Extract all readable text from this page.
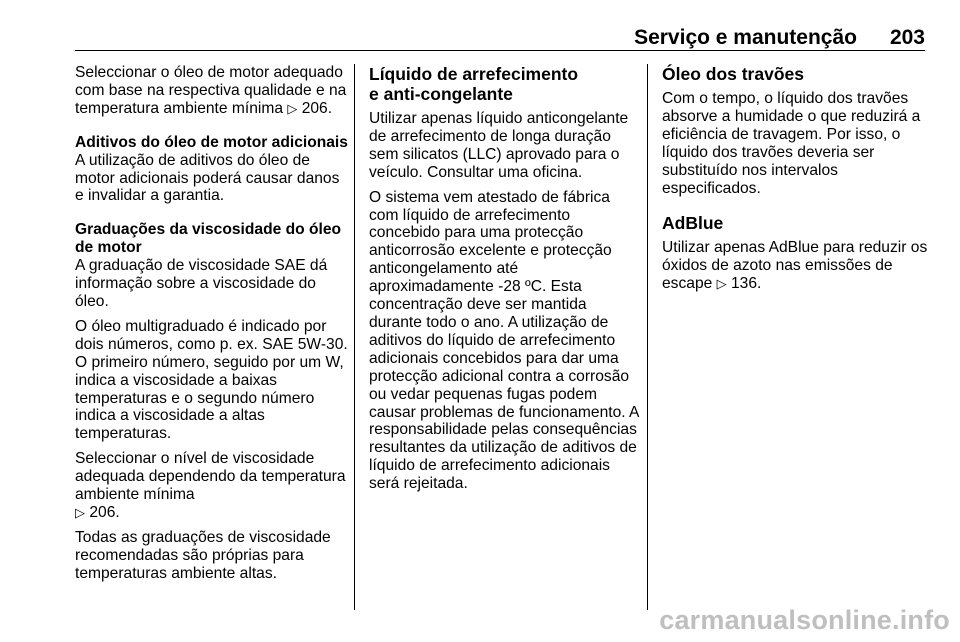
Serviço e manutenção 203

Seleccionar o óleo de motor adequado com base na respectiva qualidade e na temperatura ambiente mínima ▷ 206.

Aditivos do óleo de motor adicionais

A utilização de aditivos do óleo de motor adicionais poderá causar danos e invalidar a garantia.

Graduações da viscosidade do óleo de motor

A graduação de viscosidade SAE dá informação sobre a viscosidade do óleo.

O óleo multigraduado é indicado por dois números, como p. ex. SAE 5W-30. O primeiro número, seguido por um W, indica a viscosidade a baixas temperaturas e o segundo número indica a viscosidade a altas temperaturas.

Seleccionar o nível de viscosidade adequada dependendo da temperatura ambiente mínima
▷ 206.

Todas as graduações de viscosidade recomendadas são próprias para temperaturas ambiente altas.

Líquido de arrefecimento
e anti-congelante

Utilizar apenas líquido anticongelante de arrefecimento de longa duração sem silicatos (LLC) aprovado para o veículo. Consultar uma oficina.

O sistema vem atestado de fábrica com líquido de arrefecimento concebido para uma protecção anticorrosão excelente e protecção anticongelamento até aproximadamente -28 ºC. Esta concentração deve ser mantida durante todo o ano. A utilização de aditivos do líquido de arrefecimento adicionais concebidos para dar uma protecção adicional contra a corrosão ou vedar pequenas fugas podem causar problemas de funcionamento. A responsabilidade pelas consequências resultantes da utilização de aditivos de líquido de arrefecimento adicionais será rejeitada.

Óleo dos travões

Com o tempo, o líquido dos travões absorve a humidade o que reduzirá a eficiência de travagem. Por isso, o líquido dos travões deveria ser substituído nos intervalos especificados.

AdBlue

Utilizar apenas AdBlue para reduzir os óxidos de azoto nas emissões de escape ▷ 136.

carmanualsonline.info
